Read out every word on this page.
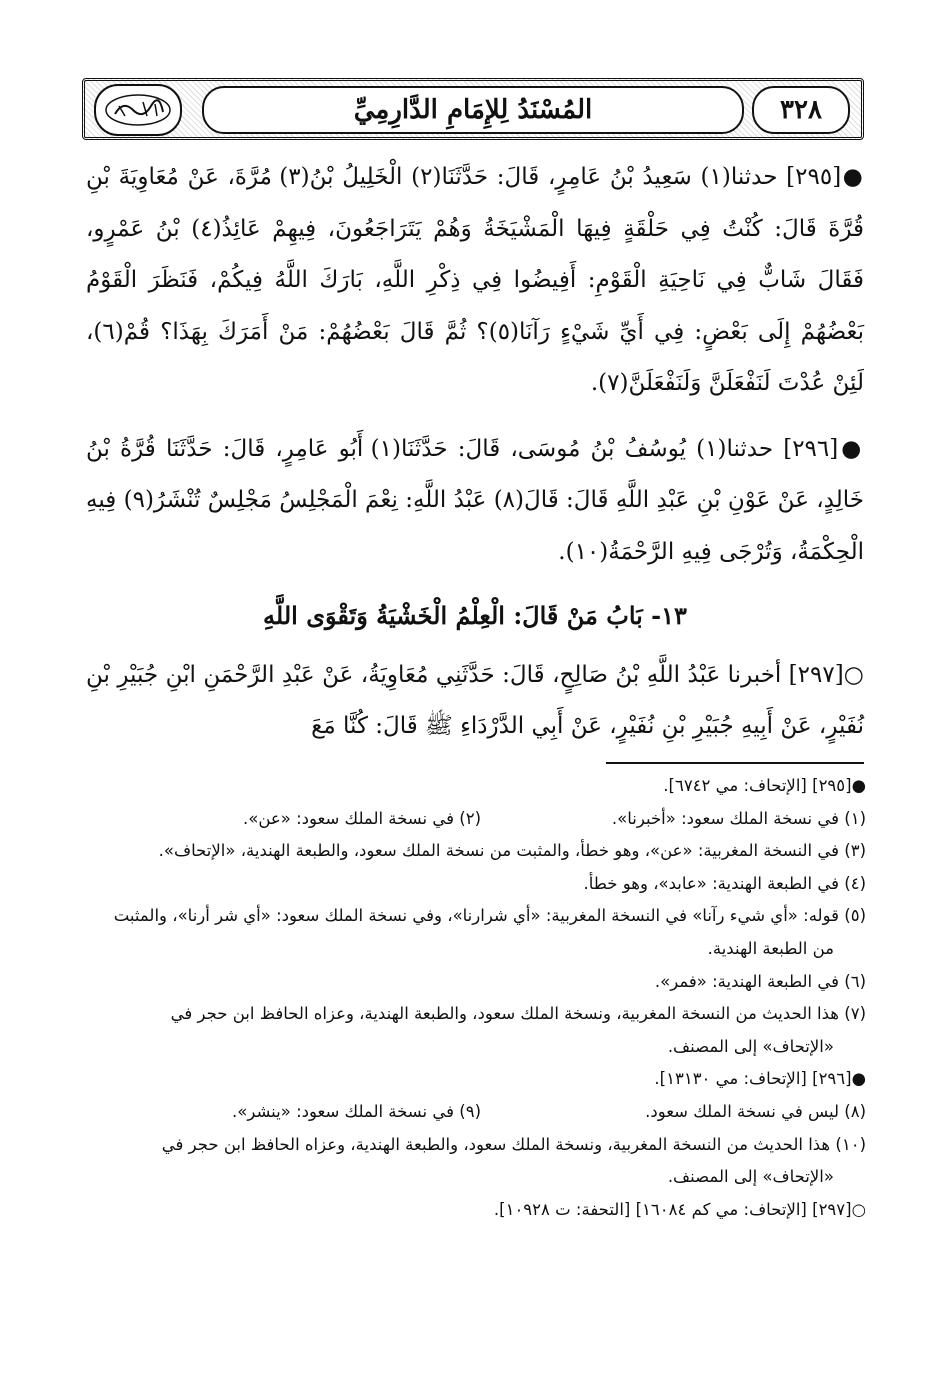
المُسْنَدُ لِلإِمَامِ الدَّارِمِيِّ	٣٢٨

●[٢٩٥] حدثنا(١) سَعِيدُ بْنُ عَامِرٍ، قَالَ: حَدَّثَنَا(٢) الْخَلِيلُ بْنُ(٣) مُرَّةَ، عَنْ مُعَاوِيَةَ بْنِ قُرَّةَ قَالَ: كُنْتُ فِي حَلْقَةٍ فِيهَا الْمَشْيَخَةُ وَهُمْ يَتَرَاجَعُونَ، فِيهِمْ عَائِذُ(٤) بْنُ عَمْرٍو، فَقَالَ شَابٌّ فِي نَاحِيَةِ الْقَوْمِ: أَفِيضُوا فِي ذِكْرِ اللَّهِ، بَارَكَ اللَّهُ فِيكُمْ، فَنَظَرَ الْقَوْمُ بَعْضُهُمْ إِلَى بَعْضٍ: فِي أَيِّ شَيْءٍ رَآنَا(٥)؟ ثُمَّ قَالَ بَعْضُهُمْ: مَنْ أَمَرَكَ بِهَذَا؟ قُمْ(٦)، لَئِنْ عُدْتَ لَنَفْعَلَنَّ وَلَنَفْعَلَنَّ(٧).

●[٢٩٦] حدثنا(١) يُوسُفُ بْنُ مُوسَى، قَالَ: حَدَّثَنَا(١) أَبُو عَامِرٍ، قَالَ: حَدَّثَنَا قُرَّةُ بْنُ خَالِدٍ، عَنْ عَوْنِ بْنِ عَبْدِ اللَّهِ قَالَ: قَالَ(٨) عَبْدُ اللَّهِ: نِعْمَ الْمَجْلِسُ مَجْلِسٌ تُنْشَرُ(٩) فِيهِ الْحِكْمَةُ، وَتُرْجَى فِيهِ الرَّحْمَةُ(١٠).

١٣- بَابُ مَنْ قَالَ: الْعِلْمُ الْخَشْيَةُ وَتَقْوَى اللَّهِ

○[٢٩٧] أخبرنا عَبْدُ اللَّهِ بْنُ صَالِحٍ، قَالَ: حَدَّثَنِي مُعَاوِيَةُ، عَنْ عَبْدِ الرَّحْمَنِ ابْنِ جُبَيْرِ بْنِ نُفَيْرٍ، عَنْ أَبِيهِ جُبَيْرِ بْنِ نُفَيْرٍ، عَنْ أَبِي الدَّرْدَاءِ ﷺ قَالَ: كُنَّا مَعَ

●[٢٩٥] [الإتحاف: مي ٦٧٤٢].

(١) في نسخة الملك سعود: «أخبرنا».
(٢) في نسخة الملك سعود: «عن».

(٣) في النسخة المغربية: «عن»، وهو خطأ، والمثبت من نسخة الملك سعود، والطبعة الهندية، «الإتحاف».

(٤) في الطبعة الهندية: «عابد»، وهو خطأ.

(٥) قوله: «أي شيء رآنا» في النسخة المغربية: «أي شرارنا»، وفي نسخة الملك سعود: «أي شر أرنا»، والمثبت

من الطبعة الهندية.

(٦) في الطبعة الهندية: «فمر».

(٧) هذا الحديث من النسخة المغربية، ونسخة الملك سعود، والطبعة الهندية، وعزاه الحافظ ابن حجر في

«الإتحاف» إلى المصنف.

●[٢٩٦] [الإتحاف: مي ١٣١٣٠].

(٨) ليس في نسخة الملك سعود.
(٩) في نسخة الملك سعود: «ينشر».

(١٠) هذا الحديث من النسخة المغربية، ونسخة الملك سعود، والطبعة الهندية، وعزاه الحافظ ابن حجر في

«الإتحاف» إلى المصنف.

○[٢٩٧] [الإتحاف: مي كم ١٦٠٨٤] [التحفة: ت ١٠٩٢٨].
